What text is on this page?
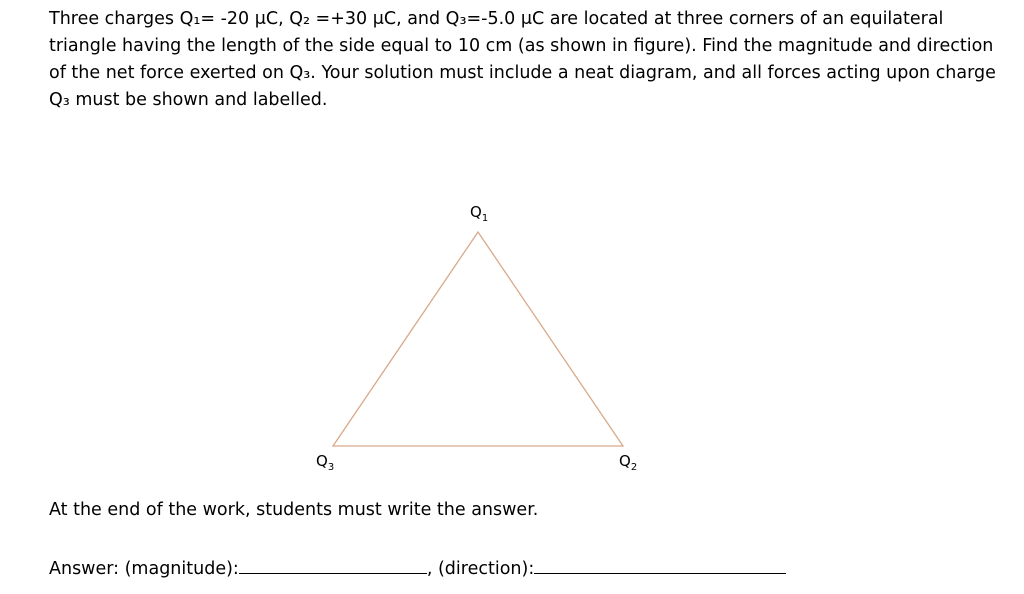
Three charges Q₁= -20 μC, Q₂ =+30 μC, and Q₃=-5.0 μC are located at three corners of an equilateral triangle having the length of the side equal to 10 cm (as shown in figure). Find the magnitude and direction of the net force exerted on Q₃. Your solution must include a neat diagram, and all forces acting upon charge Q₃ must be shown and labelled.

$Q_1$
$Q_3$	$Q_2$

At the end of the work, students must write the answer.

Answer: (magnitude):	, (direction):
